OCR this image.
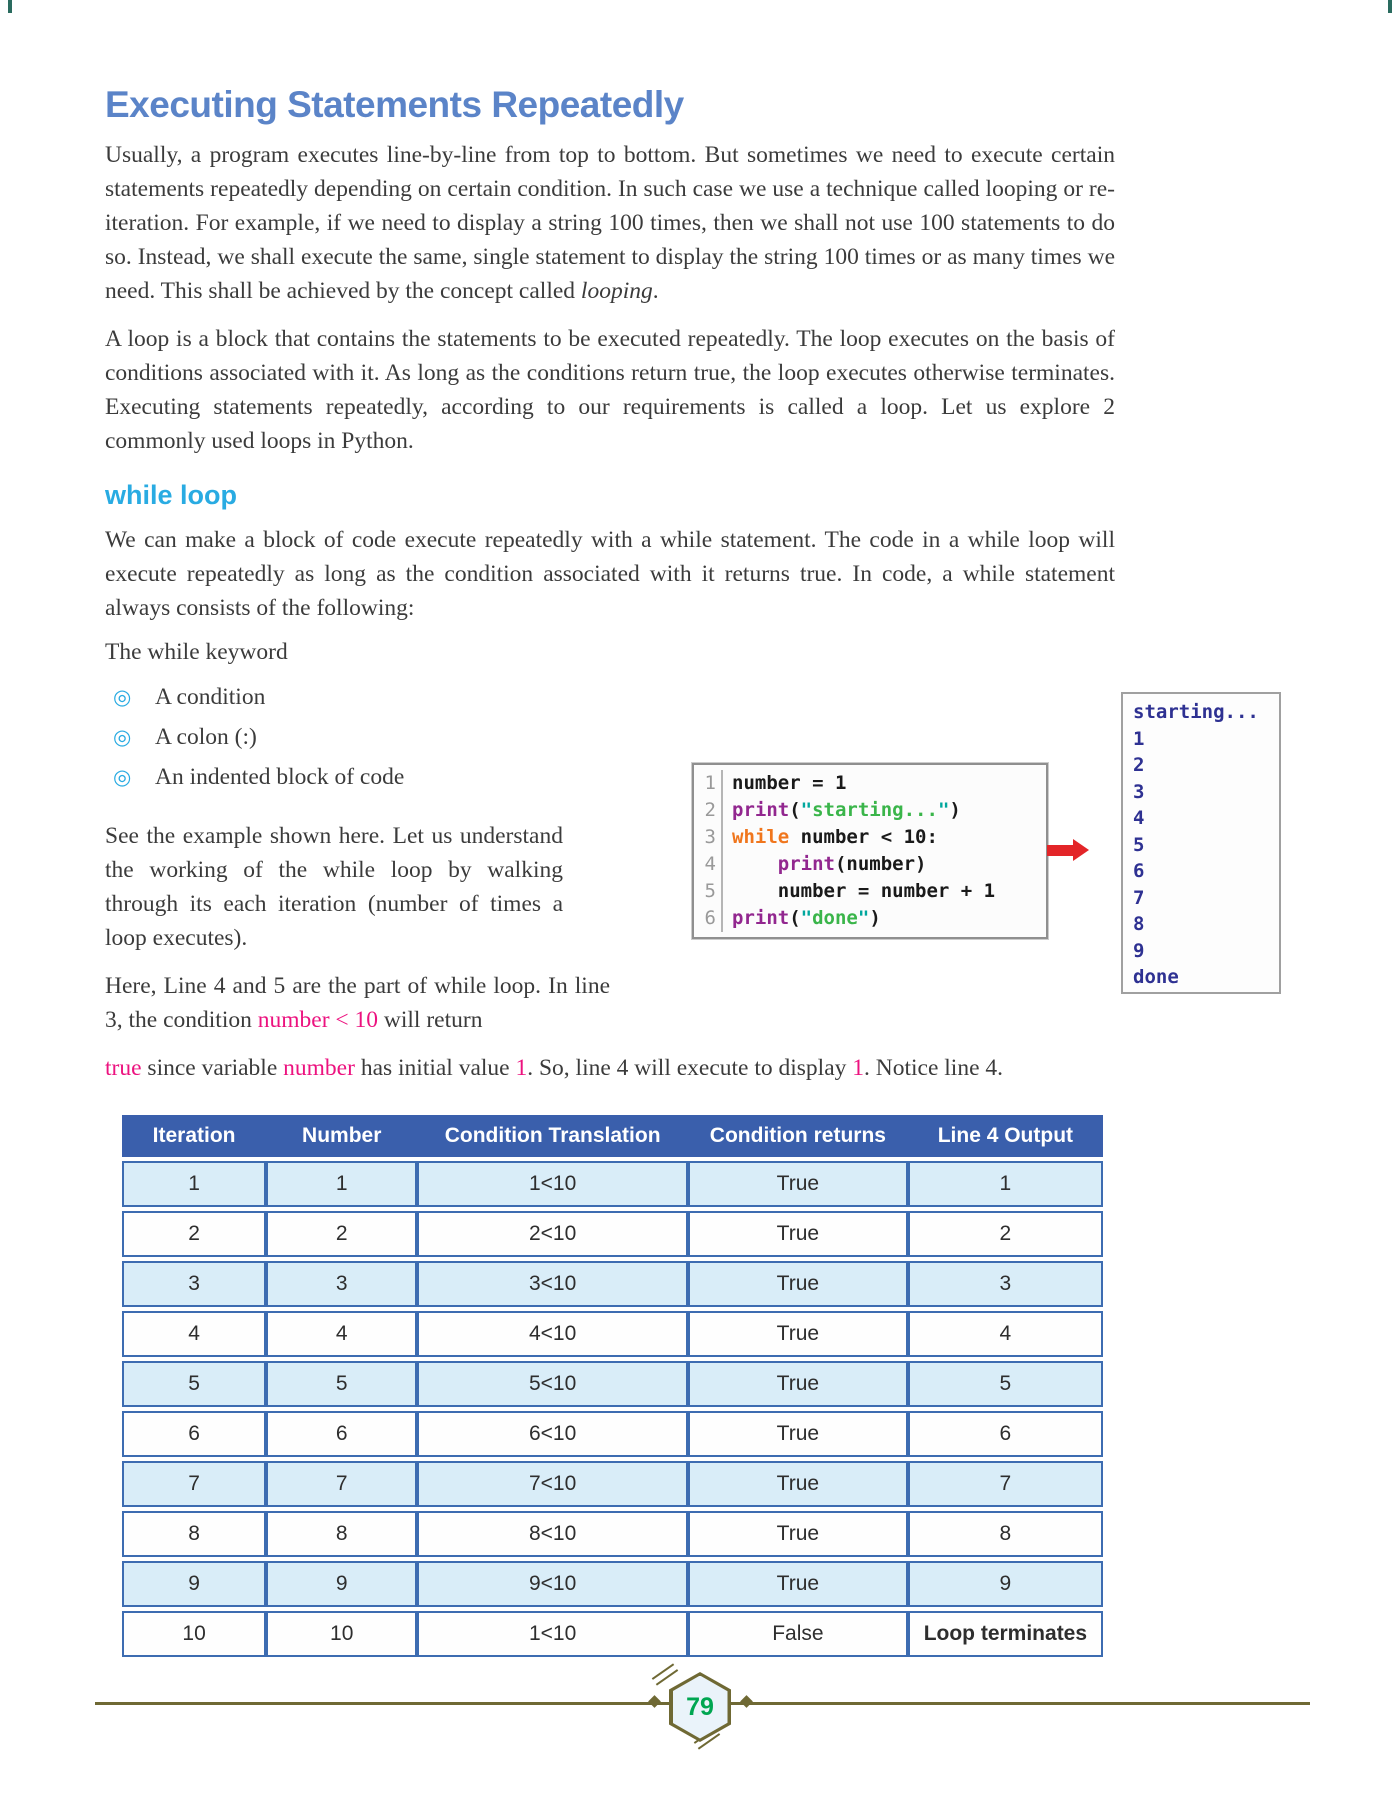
Executing Statements Repeatedly

Usually, a program executes line-by-line from top to bottom. But sometimes we need to execute certain statements repeatedly depending on certain condition. In such case we use a technique called looping or re-iteration. For example, if we need to display a string 100 times, then we shall not use 100 statements to do so. Instead, we shall execute the same, single statement to display the string 100 times or as many times we need. This shall be achieved by the concept called looping.

A loop is a block that contains the statements to be executed repeatedly. The loop executes on the basis of conditions associated with it. As long as the conditions return true, the loop executes otherwise terminates. Executing statements repeatedly, according to our requirements is called a loop. Let us explore 2 commonly used loops in Python.

while loop

We can make a block of code execute repeatedly with a while statement. The code in a while loop will execute repeatedly as long as the condition associated with it returns true. In code, a while statement always consists of the following:

The while keyword
◎	A condition
◎	A colon (:)
◎	An indented block of code

See the example shown here. Let us understand the working of the while loop by walking through its each iteration (number of times a loop executes).

Here, Line 4 and 5 are the part of while loop. In line 3, the condition number < 10 will return

true since variable number has initial value 1. So, line 4 will execute to display 1. Notice line 4.

1 number = 1
2 print("starting...")
3 while number < 10:
4	print(number)
5 number = number + 1
6 print("done")
starting...
1
2
3
4
5
6
7
8
9
done
Iteration	Number	Condition Translation	Condition returns	Line 4 Output
1	1	1<10	True	1
2	2	2<10	True	2
3	3	3<10	True	3
4	4	4<10	True	4
5	5	5<10	True	5
6	6	6<10	True	6
7	7	7<10	True	7
8	8	8<10	True	8
9	9	9<10	True	9
10	10	1<10	False	Loop terminates
79
